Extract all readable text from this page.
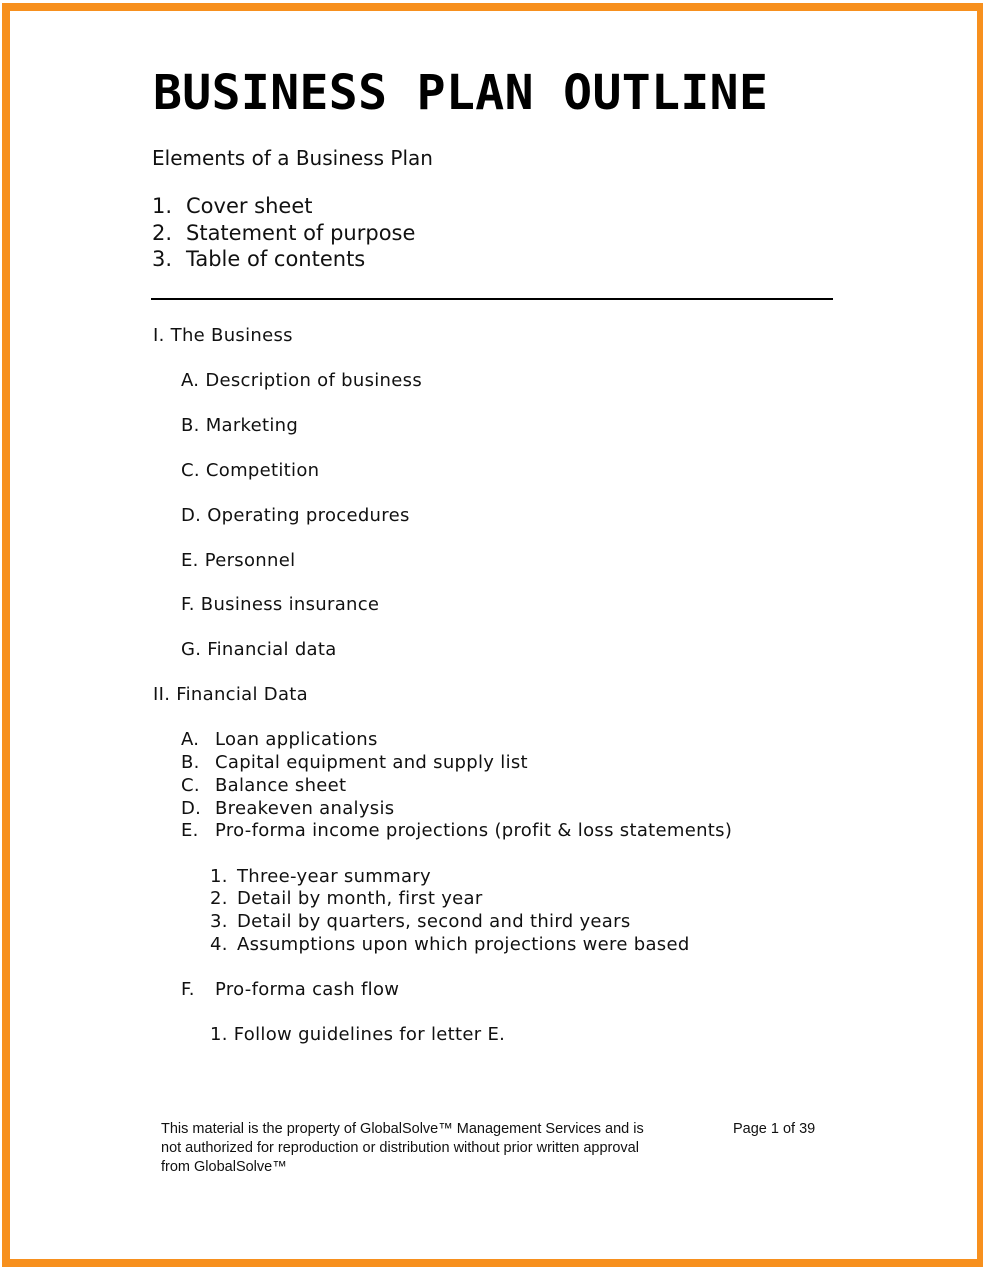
BUSINESS PLAN OUTLINE
Elements of a Business Plan
1. Cover sheet
2. Statement of purpose
3. Table of contents
I. The Business
A. Description of business
B. Marketing
C. Competition
D. Operating procedures
E. Personnel
F. Business insurance
G. Financial data
II. Financial Data
A. Loan applications
B. Capital equipment and supply list
C. Balance sheet
D. Breakeven analysis
E. Pro-forma income projections (profit & loss statements)
1. Three-year summary
2. Detail by month, first year
3. Detail by quarters, second and third years
4. Assumptions upon which projections were based
F. Pro-forma cash flow
1. Follow guidelines for letter E.
This material is the property of GlobalSolve™ Management Services and is
not authorized for reproduction or distribution without prior written approval
from GlobalSolve™
Page 1 of 39
